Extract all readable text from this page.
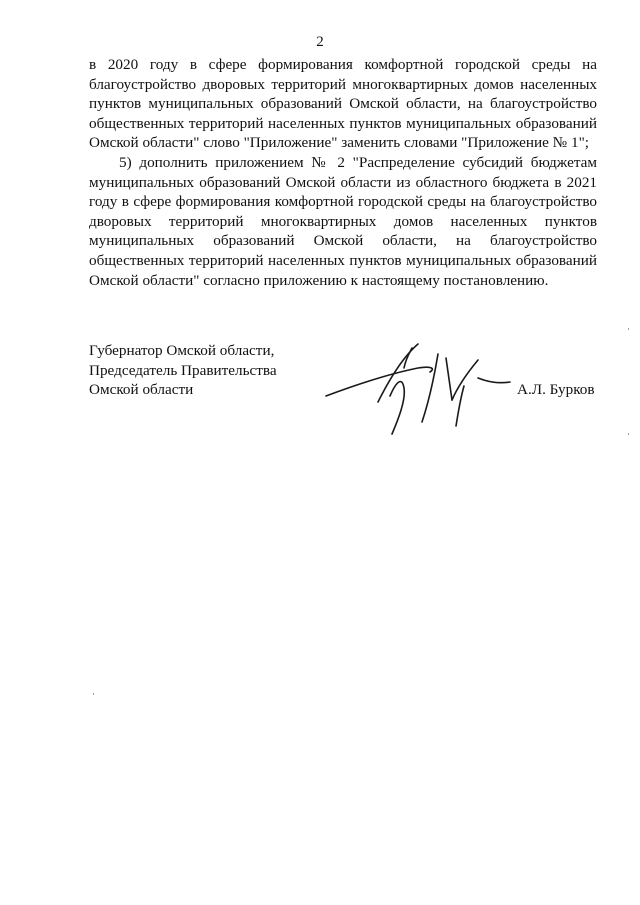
2

в 2020 году в сфере формирования комфортной городской среды на благоустройство дворовых территорий многоквартирных домов населенных пунктов муниципальных образований Омской области, на благоустройство общественных территорий населенных пунктов муниципальных образований Омской области" слово "Приложение" заменить словами "Приложение № 1";

5) дополнить приложением № 2 "Распределение субсидий бюджетам муниципальных образований Омской области из областного бюджета в 2021 году в сфере формирования комфортной городской среды на благоустройство дворовых территорий многоквартирных домов населенных пунктов муниципальных образований Омской области, на благоустройство общественных территорий населенных пунктов муниципальных образований Омской области" согласно приложению к настоящему постановлению.

Губернатор Омской области,
Председатель Правительства
Омской области	А.Л. Бурков
